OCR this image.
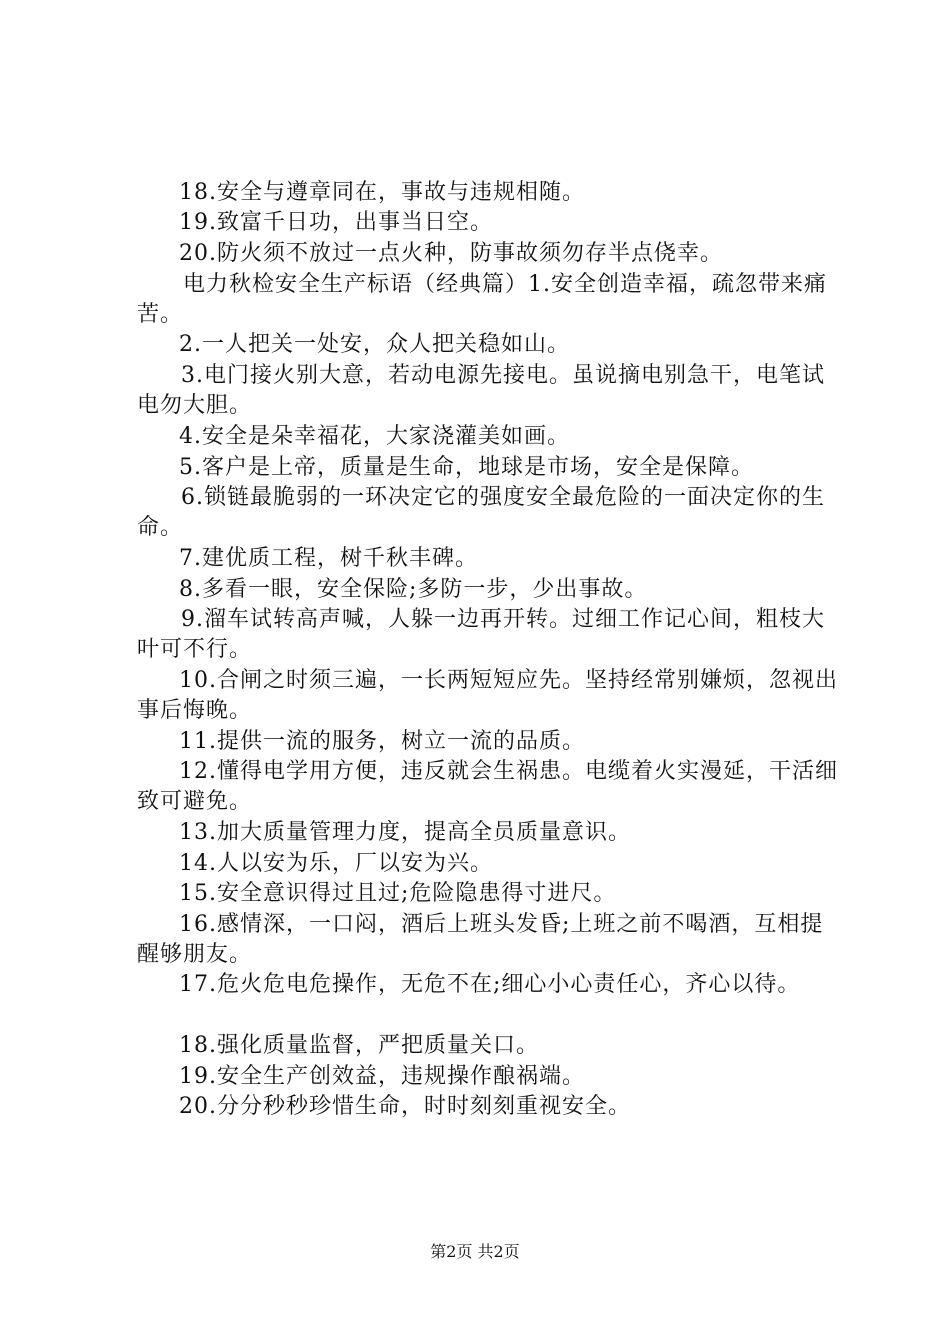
18.安全与遵章同在，事故与违规相随。

19.致富千日功，出事当日空。

20.防火须不放过一点火种，防事故须勿存半点侥幸。

电力秋检安全生产标语（经典篇）1.安全创造幸福，疏忽带来痛苦。

2.一人把关一处安，众人把关稳如山。

3.电门接火别大意，若动电源先接电。虽说摘电别急干，电笔试电勿大胆。

4.安全是朵幸福花，大家浇灌美如画。

5.客户是上帝，质量是生命，地球是市场，安全是保障。

6.锁链最脆弱的一环决定它的强度安全最危险的一面决定你的生命。

7.建优质工程，树千秋丰碑。

8.多看一眼，安全保险;多防一步，少出事故。

9.溜车试转高声喊，人躲一边再开转。过细工作记心间，粗枝大叶可不行。

10.合闸之时须三遍，一长两短短应先。坚持经常别嫌烦，忽视出事后悔晚。

11.提供一流的服务，树立一流的品质。

12.懂得电学用方便，违反就会生祸患。电缆着火实漫延，干活细致可避免。

13.加大质量管理力度，提高全员质量意识。

14.人以安为乐，厂以安为兴。

15.安全意识得过且过;危险隐患得寸进尺。

16.感情深，一口闷，酒后上班头发昏;上班之前不喝酒，互相提醒够朋友。

17.危火危电危操作，无危不在;细心小心责任心，齐心以待。

18.强化质量监督，严把质量关口。

19.安全生产创效益，违规操作酿祸端。

20.分分秒秒珍惜生命，时时刻刻重视安全。

第2页 共2页
